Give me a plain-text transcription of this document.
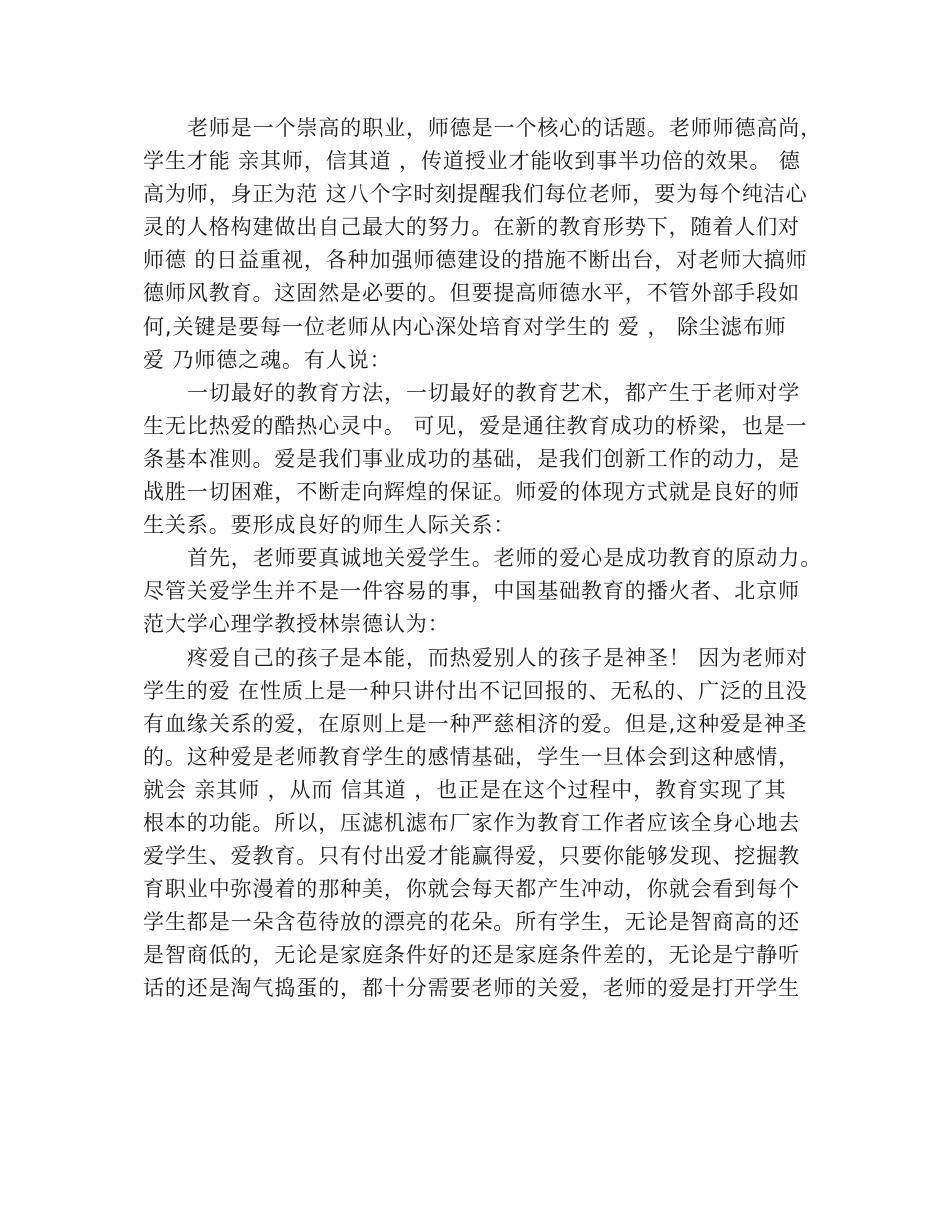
老师是一个崇高的职业，师德是一个核心的话题。老师师德高尚，
学生才能 亲其师，信其道 ，传道授业才能收到事半功倍的效果。 德
高为师，身正为范 这八个字时刻提醒我们每位老师，要为每个纯洁心
灵的人格构建做出自己最大的努力。在新的教育形势下，随着人们对
师德 的日益重视，各种加强师德建设的措施不断出台，对老师大搞师
德师风教育。这固然是必要的。但要提高师德水平，不管外部手段如
何,关键是要每一位老师从内心深处培育对学生的 爱 ， 除尘滤布师
爱 乃师德之魂。有人说：
一切最好的教育方法，一切最好的教育艺术，都产生于老师对学
生无比热爱的酷热心灵中。 可见，爱是通往教育成功的桥梁，也是一
条基本准则。爱是我们事业成功的基础，是我们创新工作的动力，是
战胜一切困难，不断走向辉煌的保证。师爱的体现方式就是良好的师
生关系。要形成良好的师生人际关系：
首先，老师要真诚地关爱学生。老师的爱心是成功教育的原动力。
尽管关爱学生并不是一件容易的事，中国基础教育的播火者、北京师
范大学心理学教授林崇德认为：
疼爱自己的孩子是本能，而热爱别人的孩子是神圣！ 因为老师对
学生的爱 在性质上是一种只讲付出不记回报的、无私的、广泛的且没
有血缘关系的爱，在原则上是一种严慈相济的爱。但是,这种爱是神圣
的。这种爱是老师教育学生的感情基础，学生一旦体会到这种感情，
就会 亲其师 ，从而 信其道 ，也正是在这个过程中，教育实现了其
根本的功能。所以，压滤机滤布厂家作为教育工作者应该全身心地去
爱学生、爱教育。只有付出爱才能赢得爱，只要你能够发现、挖掘教
育职业中弥漫着的那种美，你就会每天都产生冲动，你就会看到每个
学生都是一朵含苞待放的漂亮的花朵。所有学生，无论是智商高的还
是智商低的，无论是家庭条件好的还是家庭条件差的，无论是宁静听
话的还是淘气捣蛋的，都十分需要老师的关爱，老师的爱是打开学生
